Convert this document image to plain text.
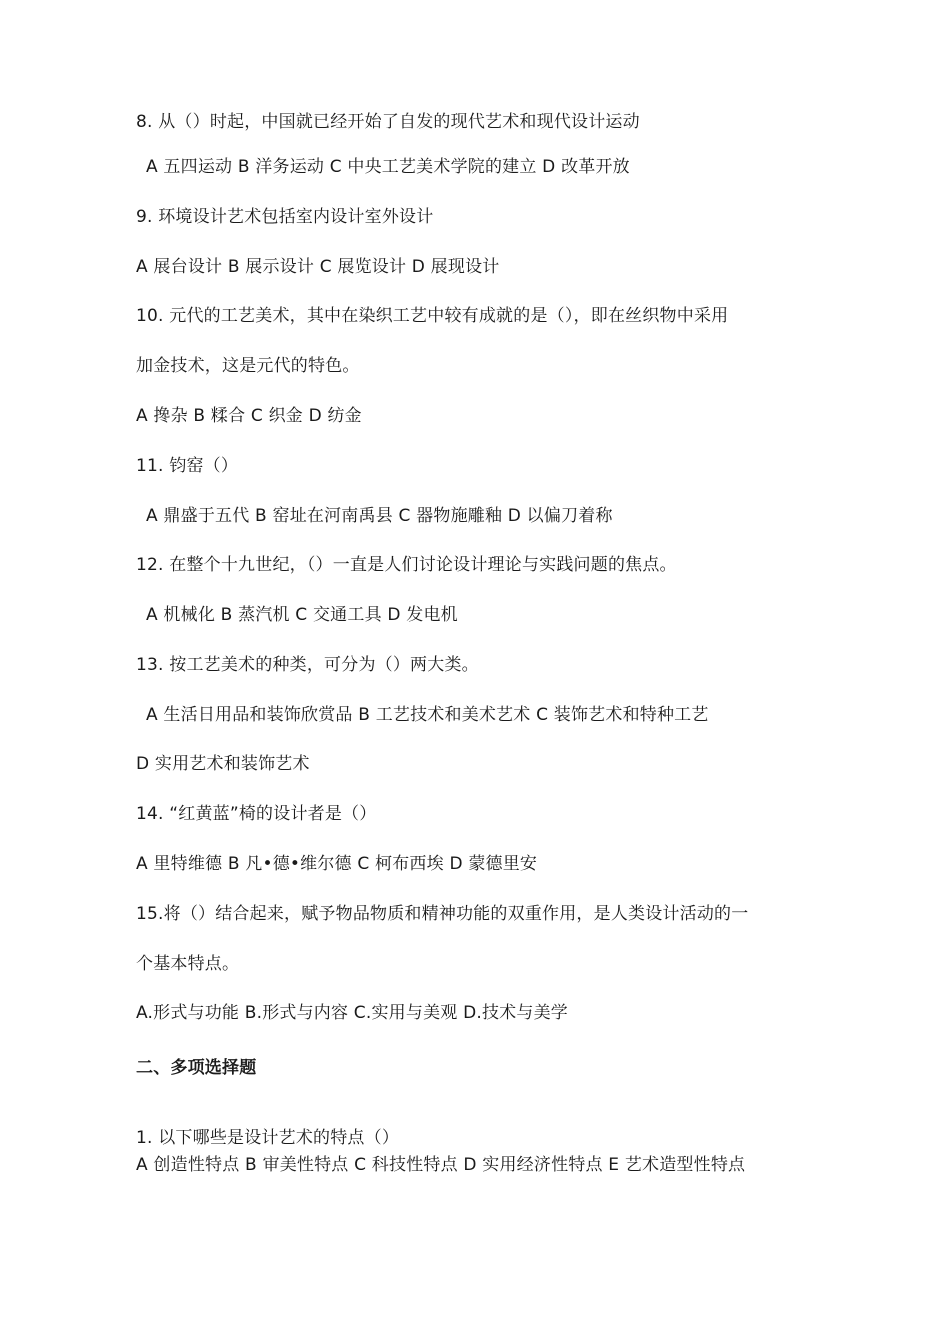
8. 从（）时起，中国就已经开始了自发的现代艺术和现代设计运动
A 五四运动 B 洋务运动 C 中央工艺美术学院的建立 D 改革开放
9. 环境设计艺术包括室内设计室外设计
A 展台设计 B 展示设计 C 展览设计 D 展现设计
10. 元代的工艺美术，其中在染织工艺中较有成就的是（），即在丝织物中采用
加金技术，这是元代的特色。
A 搀杂 B 糅合 C 织金 D 纺金
11. 钧窑（）
A 鼎盛于五代 B 窑址在河南禹县 C 器物施雕釉 D 以偏刀着称
12. 在整个十九世纪，（）一直是人们讨论设计理论与实践问题的焦点。
A 机械化 B 蒸汽机 C 交通工具 D 发电机
13. 按工艺美术的种类，可分为（）两大类。
A 生活日用品和装饰欣赏品 B 工艺技术和美术艺术 C 装饰艺术和特种工艺
D 实用艺术和装饰艺术
14. “红黄蓝”椅的设计者是（）
A 里特维德 B 凡•德•维尔德 C 柯布西埃 D 蒙德里安
15.将（）结合起来，赋予物品物质和精神功能的双重作用，是人类设计活动的一
个基本特点。
A.形式与功能 B.形式与内容 C.实用与美观 D.技术与美学
二、多项选择题
1. 以下哪些是设计艺术的特点（）
A 创造性特点 B 审美性特点 C 科技性特点 D 实用经济性特点 E 艺术造型性特点
